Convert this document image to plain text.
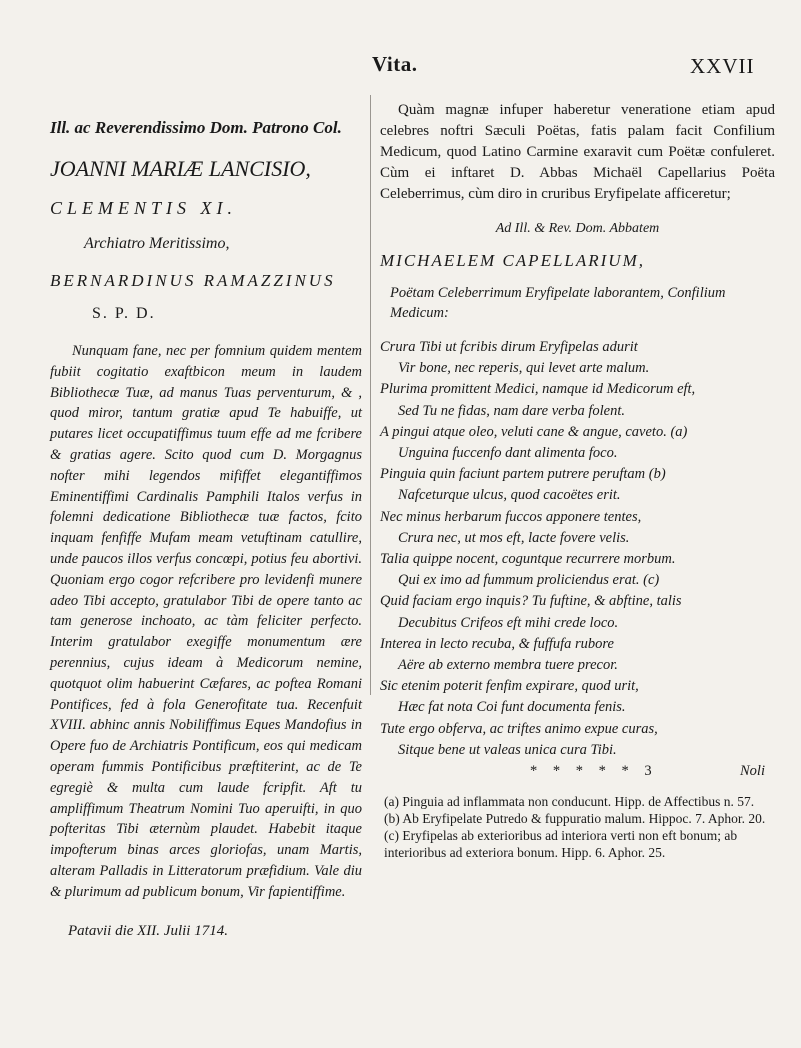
Vita.	XXVII

Ill. ac Reverendissimo Dom. Patrono Col.

JOANNI MARIÆ LANCISIO,

CLEMENTIS XI.

Archiatro Meritissimo,

BERNARDINUS RAMAZZINUS

S. P. D.

Nunquam fane, nec per fomnium quidem mentem fubiit cogitatio exaftbicon meum in laudem Bibliothecæ Tuæ, ad manus Tuas perventurum, & , quod miror, tantum gratiæ apud Te habuiffe, ut putares licet occupatiffimus tuum effe ad me fcribere & gratias agere. Scito quod cum D. Morgagnus nofter mihi legendos mififfet elegantiffimos Eminentiffimi Cardinalis Pamphili Italos verfus in folemni dedicatione Bibliothecæ tuæ factos, fcito inquam fenfiffe Mufam meam vetuftinam catullire, unde paucos illos verfus concœpi, potius feu abortivi. Quoniam ergo cogor refcribere pro levidenfi munere adeo Tibi accepto, gratulabor Tibi de opere tanto ac tam generose inchoato, ac tàm feliciter perfecto. Interim gratulabor exegiffe monumentum ære perennius, cujus ideam à Medicorum nemine, quotquot olim habuerint Cæfares, ac poftea Romani Pontifices, fed à fola Generofitate tua. Recenfuit XVIII. abhinc annis Nobiliffimus Eques Mandofius in Opere fuo de Archiatris Pontificum, eos qui medicam operam fummis Pontificibus præftiterint, ac de Te egregiè & multa cum laude fcripfit. Aft tu ampliffimum Theatrum Nomini Tuo aperuifti, in quo pofteritas Tibi æternùm plaudet. Habebit itaque impofterum binas arces gloriofas, unam Martis, alteram Palladis in Litteratorum præfidium. Vale diu & plurimum ad publicum bonum, Vir fapientiffime.

Patavii die XII. Julii 1714.

Quàm magnæ infuper haberetur veneratione etiam apud celebres noftri Sæculi Poëtas, fatis palam facit Confilium Medicum, quod Latino Carmine exaravit cum Poëtæ confuleret. Cùm ei inftaret D. Abbas Michaël Capellarius Poëta Celeberrimus, cùm diro in cruribus Eryfipelate afficeretur;

Ad Ill. & Rev. Dom. Abbatem

MICHAELEM CAPELLARIUM,

Poëtam Celeberrimum Eryfipelate laborantem, Confilium Medicum:

Crura Tibi ut fcribis dirum Eryfipelas adurit
Vir bone, nec reperis, qui levet arte malum.
Plurima promittent Medici, namque id Medicorum eft,
Sed Tu ne fidas, nam dare verba folent.
A pingui atque oleo, veluti cane & angue, caveto. (a)
Unguina fuccenfo dant alimenta foco.
Pinguia quin faciunt partem putrere peruftam (b)
Nafceturque ulcus, quod cacoëtes erit.
Nec minus herbarum fuccos apponere tentes,
Crura nec, ut mos eft, lacte fovere velis.
Talia quippe nocent, coguntque recurrere morbum.
Qui ex imo ad fummum proliciendus erat. (c)
Quid faciam ergo inquis? Tu fuftine, & abftine, talis
Decubitus Crifeos eft mihi crede loco.
Interea in lecto recuba, & fuffufa rubore
Aëre ab externo membra tuere precor.
Sic etenim poterit fenfim expirare, quod urit,
Hæc fat nota Coi funt documenta fenis.
Tute ergo obferva, ac triftes animo expue curas,
Sitque bene ut valeas unica cura Tibi.
* * * * * 3	Noli

(a) Pinguia ad inflammata non conducunt. Hipp. de Affectibus n. 57.

(b) Ab Eryfipelate Putredo & fuppuratio malum. Hippoc. 7. Aphor. 20.

(c) Eryfipelas ab exterioribus ad interiora verti non eft bonum; ab interioribus ad exteriora bonum. Hipp. 6. Aphor. 25.
